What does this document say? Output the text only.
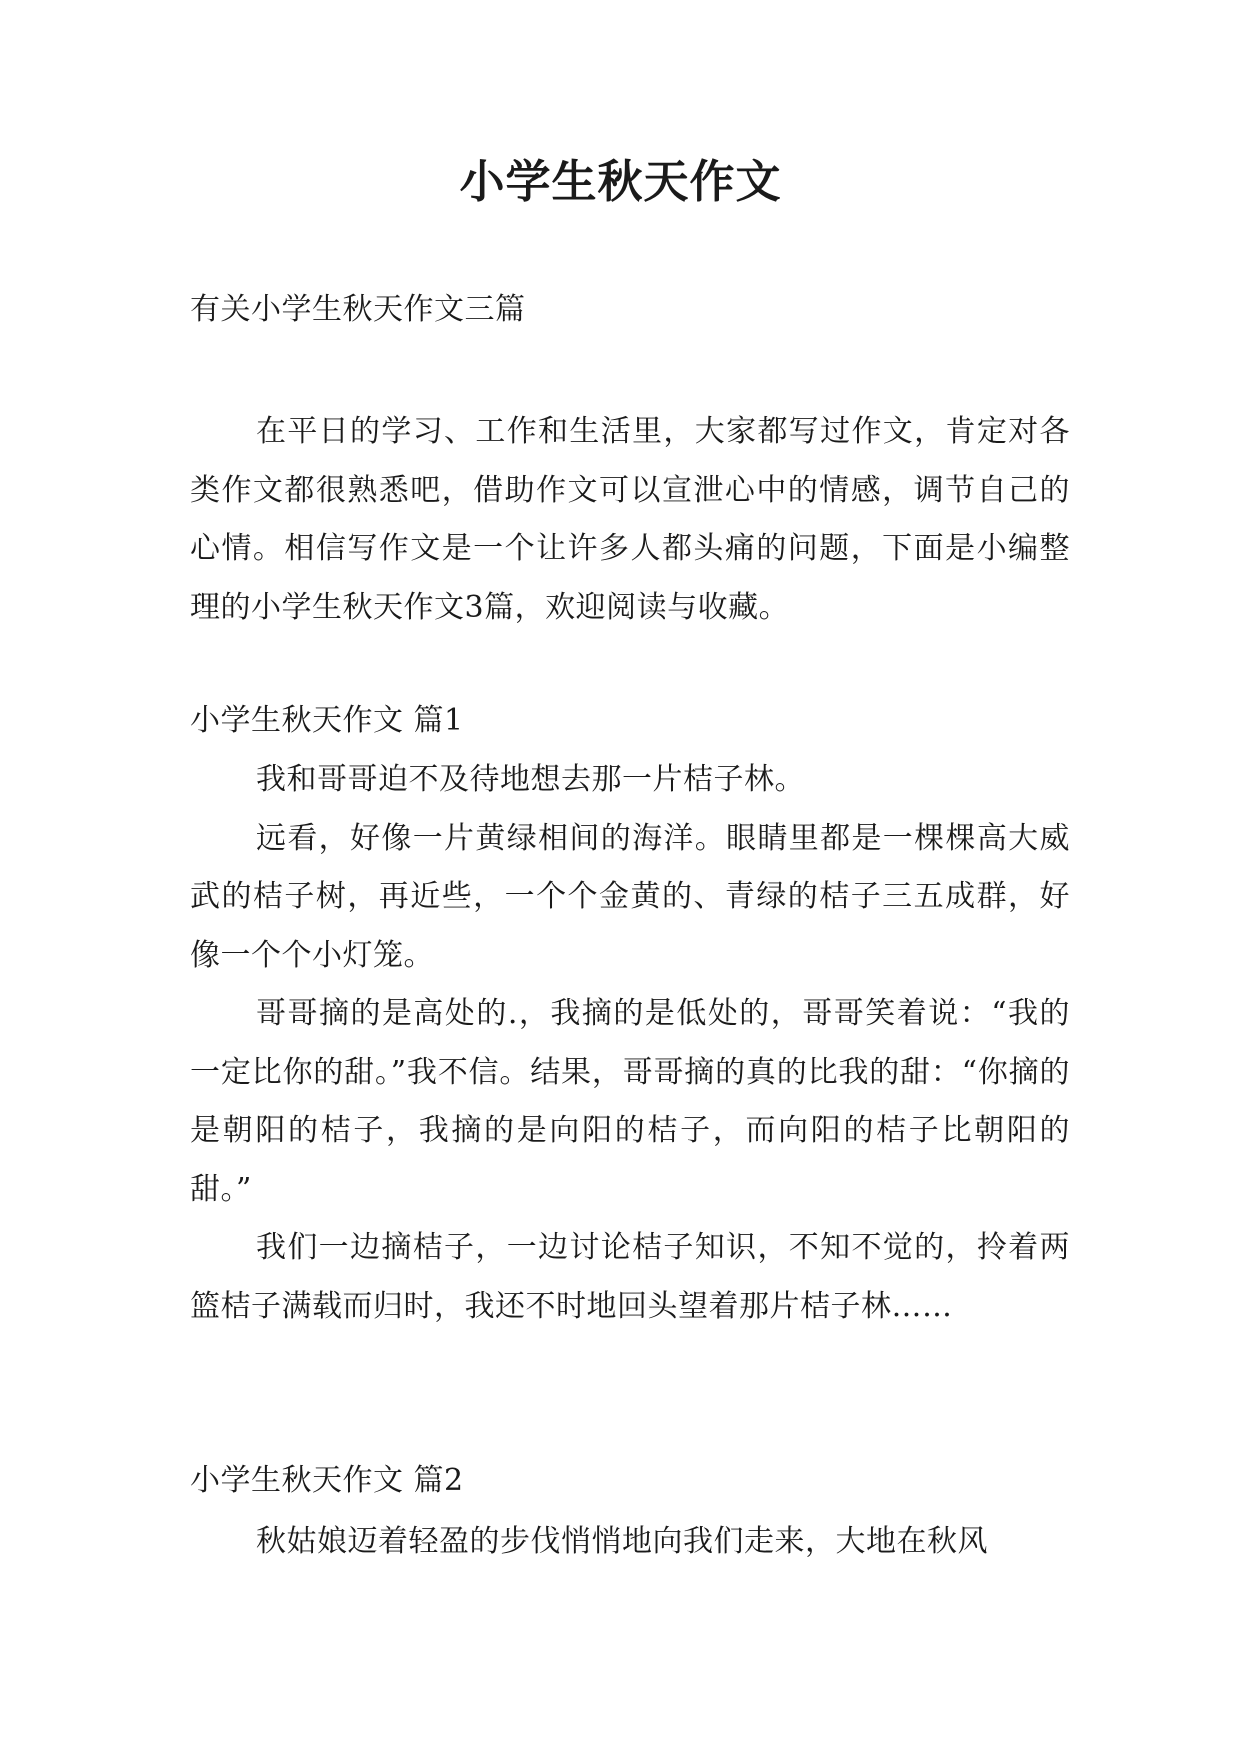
小学生秋天作文

有关小学生秋天作文三篇

在平日的学习、工作和生活里，大家都写过作文，肯定对各类作文都很熟悉吧，借助作文可以宣泄心中的情感，调节自己的心情。相信写作文是一个让许多人都头痛的问题，下面是小编整理的小学生秋天作文3篇，欢迎阅读与收藏。

小学生秋天作文 篇1

我和哥哥迫不及待地想去那一片桔子林。

远看，好像一片黄绿相间的海洋。眼睛里都是一棵棵高大威武的桔子树，再近些，一个个金黄的、青绿的桔子三五成群，好像一个个小灯笼。

哥哥摘的是高处的.，我摘的是低处的，哥哥笑着说：“我的一定比你的甜。”我不信。结果，哥哥摘的真的比我的甜：“你摘的是朝阳的桔子，我摘的是向阳的桔子，而向阳的桔子比朝阳的甜。”

我们一边摘桔子，一边讨论桔子知识，不知不觉的，拎着两篮桔子满载而归时，我还不时地回头望着那片桔子林……

小学生秋天作文 篇2

秋姑娘迈着轻盈的步伐悄悄地向我们走来，大地在秋风
